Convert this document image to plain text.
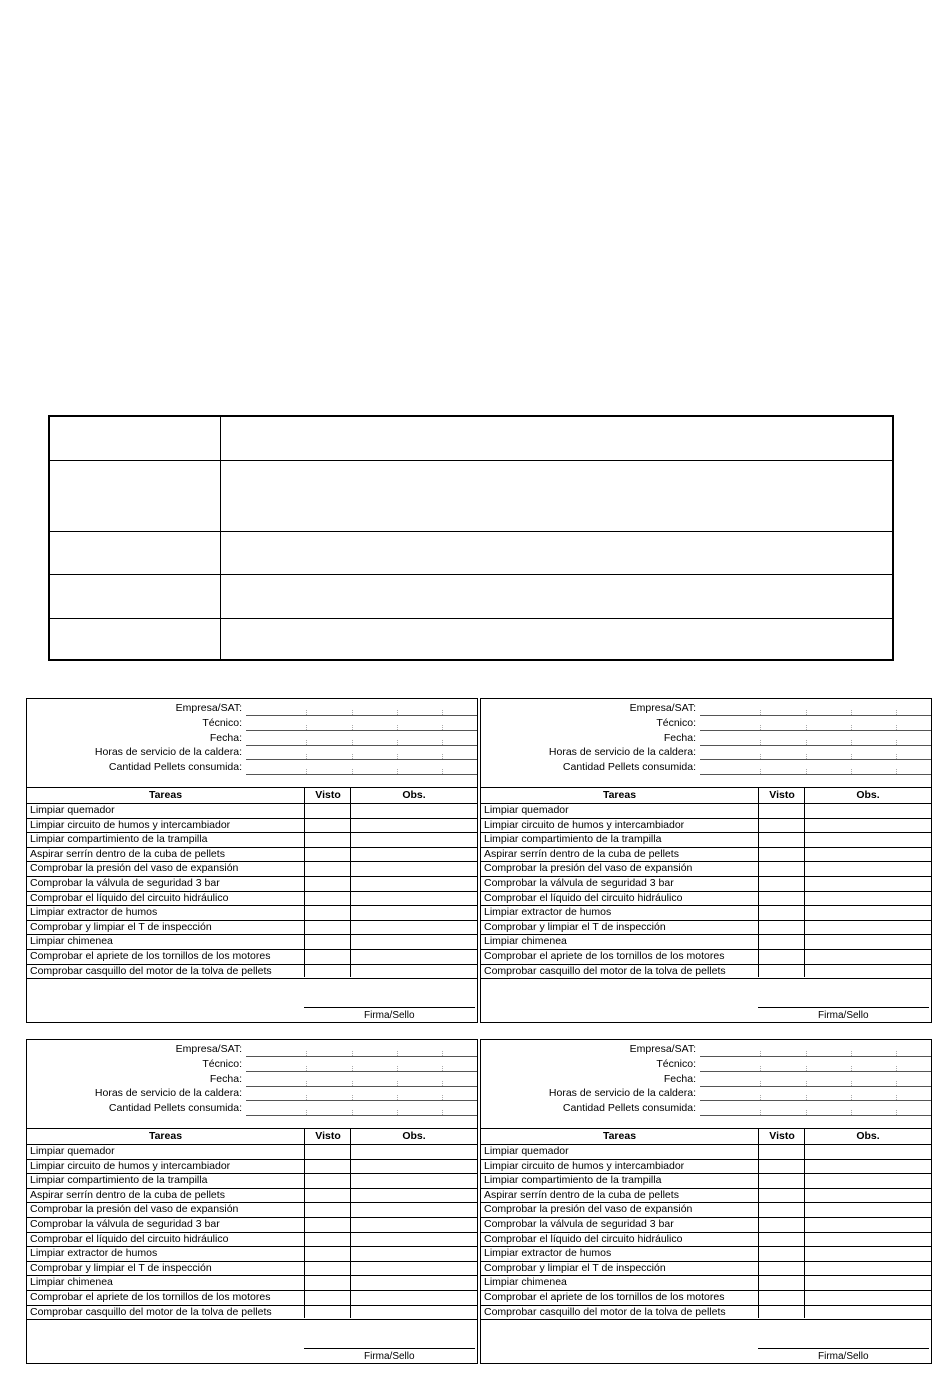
Empresa/SAT:
Técnico:
Fecha:
Horas de servicio de la caldera:
Cantidad Pellets consumida:
Tareas	Visto	Obs.
Limpiar quemador
Limpiar circuito de humos y intercambiador
Limpiar compartimiento de la trampilla
Aspirar serrín dentro de la cuba de pellets
Comprobar la presión del vaso de expansión
Comprobar la válvula de seguridad 3 bar
Comprobar el líquido del circuito hidráulico
Limpiar extractor de humos
Comprobar y limpiar el T de inspección
Limpiar chimenea
Comprobar el apriete de los tornillos de los motores
Comprobar casquillo del motor de la tolva de pellets
Firma/Sello
Empresa/SAT:
Técnico:
Fecha:
Horas de servicio de la caldera:
Cantidad Pellets consumida:
Tareas	Visto	Obs.
Limpiar quemador
Limpiar circuito de humos y intercambiador
Limpiar compartimiento de la trampilla
Aspirar serrín dentro de la cuba de pellets
Comprobar la presión del vaso de expansión
Comprobar la válvula de seguridad 3 bar
Comprobar el líquido del circuito hidráulico
Limpiar extractor de humos
Comprobar y limpiar el T de inspección
Limpiar chimenea
Comprobar el apriete de los tornillos de los motores
Comprobar casquillo del motor de la tolva de pellets
Firma/Sello
Empresa/SAT:
Técnico:
Fecha:
Horas de servicio de la caldera:
Cantidad Pellets consumida:
Tareas	Visto	Obs.
Limpiar quemador
Limpiar circuito de humos y intercambiador
Limpiar compartimiento de la trampilla
Aspirar serrín dentro de la cuba de pellets
Comprobar la presión del vaso de expansión
Comprobar la válvula de seguridad 3 bar
Comprobar el líquido del circuito hidráulico
Limpiar extractor de humos
Comprobar y limpiar el T de inspección
Limpiar chimenea
Comprobar el apriete de los tornillos de los motores
Comprobar casquillo del motor de la tolva de pellets
Firma/Sello
Empresa/SAT:
Técnico:
Fecha:
Horas de servicio de la caldera:
Cantidad Pellets consumida:
Tareas	Visto	Obs.
Limpiar quemador
Limpiar circuito de humos y intercambiador
Limpiar compartimiento de la trampilla
Aspirar serrín dentro de la cuba de pellets
Comprobar la presión del vaso de expansión
Comprobar la válvula de seguridad 3 bar
Comprobar el líquido del circuito hidráulico
Limpiar extractor de humos
Comprobar y limpiar el T de inspección
Limpiar chimenea
Comprobar el apriete de los tornillos de los motores
Comprobar casquillo del motor de la tolva de pellets
Firma/Sello
